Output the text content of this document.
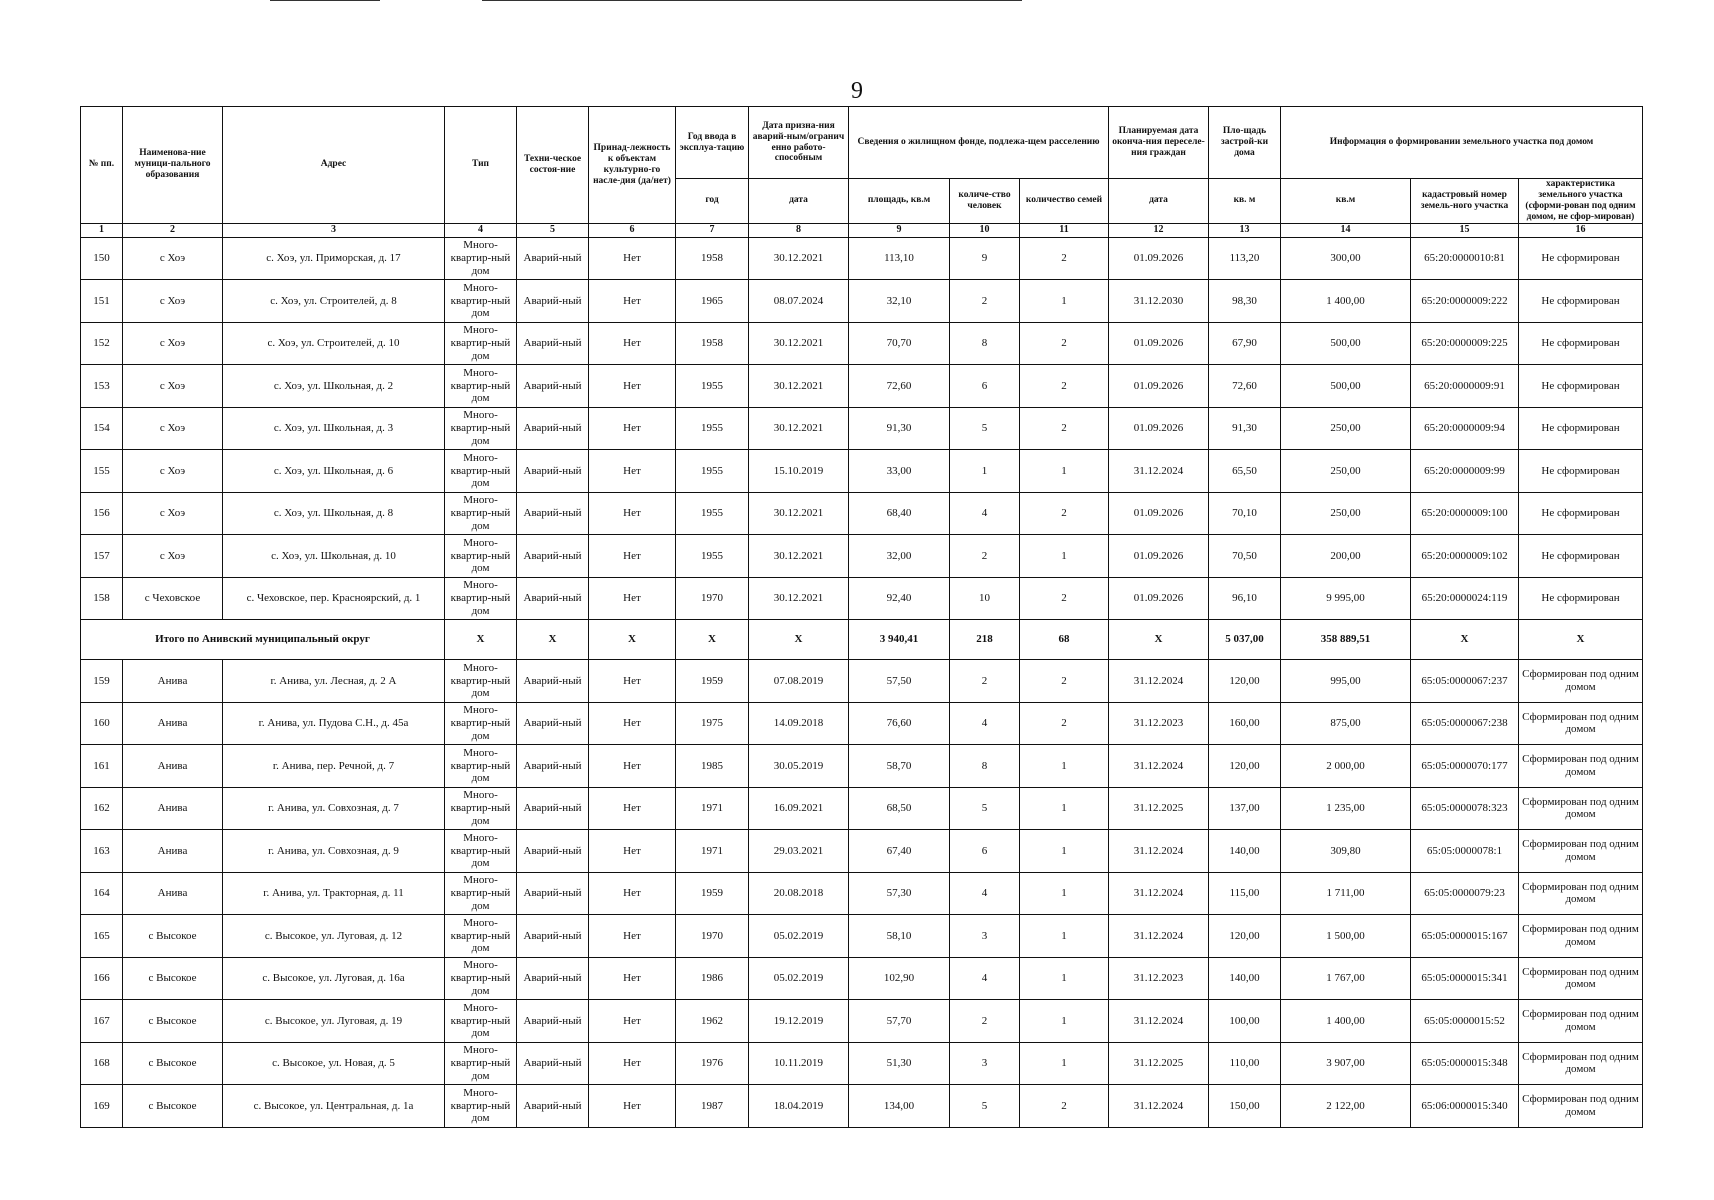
9
№ пп.	Наименова-ние муници-пального образования	Адрес	Тип	Техни-ческое состоя-ние	Принад-лежность к объектам культурно-го насле-дия (да/нет)	Год ввода в эксплуа-тацию	Дата призна-ния аварий-ным/огранич енно работо-способным	Сведения о жилищном фонде, подлежа-щем расселению			Планируемая дата оконча-ния переселе-ния граждан	Пло-щадь застрой-ки дома	Информация о формировании земельного участка под домом		
						год	дата	площадь, кв.м	количе-ство человек	количество семей	дата	кв. м	кв.м	кадастровый номер земель-ного участка	характеристика земельного участка (сформи-рован под одним домом, не сфор-мирован)
1	2	3	4	5	6	7	8	9	10	11	12	13	14	15	16
150	с Хоэ	с. Хоэ, ул. Приморская, д. 17	Много-квартир-ный дом	Аварий-ный	Нет	1958	30.12.2021	113,10	9	2	01.09.2026	113,20	300,00	65:20:0000010:81	Не сформирован
151	с Хоэ	с. Хоэ, ул. Строителей, д. 8	Много-квартир-ный дом	Аварий-ный	Нет	1965	08.07.2024	32,10	2	1	31.12.2030	98,30	1 400,00	65:20:0000009:222	Не сформирован
152	с Хоэ	с. Хоэ, ул. Строителей, д. 10	Много-квартир-ный дом	Аварий-ный	Нет	1958	30.12.2021	70,70	8	2	01.09.2026	67,90	500,00	65:20:0000009:225	Не сформирован
153	с Хоэ	с. Хоэ, ул. Школьная, д. 2	Много-квартир-ный дом	Аварий-ный	Нет	1955	30.12.2021	72,60	6	2	01.09.2026	72,60	500,00	65:20:0000009:91	Не сформирован
154	с Хоэ	с. Хоэ, ул. Школьная, д. 3	Много-квартир-ный дом	Аварий-ный	Нет	1955	30.12.2021	91,30	5	2	01.09.2026	91,30	250,00	65:20:0000009:94	Не сформирован
155	с Хоэ	с. Хоэ, ул. Школьная, д. 6	Много-квартир-ный дом	Аварий-ный	Нет	1955	15.10.2019	33,00	1	1	31.12.2024	65,50	250,00	65:20:0000009:99	Не сформирован
156	с Хоэ	с. Хоэ, ул. Школьная, д. 8	Много-квартир-ный дом	Аварий-ный	Нет	1955	30.12.2021	68,40	4	2	01.09.2026	70,10	250,00	65:20:0000009:100	Не сформирован
157	с Хоэ	с. Хоэ, ул. Школьная, д. 10	Много-квартир-ный дом	Аварий-ный	Нет	1955	30.12.2021	32,00	2	1	01.09.2026	70,50	200,00	65:20:0000009:102	Не сформирован
158	с Чеховское	с. Чеховское, пер. Красноярский, д. 1	Много-квартир-ный дом	Аварий-ный	Нет	1970	30.12.2021	92,40	10	2	01.09.2026	96,10	9 995,00	65:20:0000024:119	Не сформирован
Итого по Анивский муниципальный округ			X	X	X	X	X	3 940,41	218	68	X	5 037,00	358 889,51	X	X
159	Анива	г. Анива, ул. Лесная, д. 2 А	Много-квартир-ный дом	Аварий-ный	Нет	1959	07.08.2019	57,50	2	2	31.12.2024	120,00	995,00	65:05:0000067:237	Сформирован под одним домом
160	Анива	г. Анива, ул. Пудова С.Н., д. 45а	Много-квартир-ный дом	Аварий-ный	Нет	1975	14.09.2018	76,60	4	2	31.12.2023	160,00	875,00	65:05:0000067:238	Сформирован под одним домом
161	Анива	г. Анива, пер. Речной, д. 7	Много-квартир-ный дом	Аварий-ный	Нет	1985	30.05.2019	58,70	8	1	31.12.2024	120,00	2 000,00	65:05:0000070:177	Сформирован под одним домом
162	Анива	г. Анива, ул. Совхозная, д. 7	Много-квартир-ный дом	Аварий-ный	Нет	1971	16.09.2021	68,50	5	1	31.12.2025	137,00	1 235,00	65:05:0000078:323	Сформирован под одним домом
163	Анива	г. Анива, ул. Совхозная, д. 9	Много-квартир-ный дом	Аварий-ный	Нет	1971	29.03.2021	67,40	6	1	31.12.2024	140,00	309,80	65:05:0000078:1	Сформирован под одним домом
164	Анива	г. Анива, ул. Тракторная, д. 11	Много-квартир-ный дом	Аварий-ный	Нет	1959	20.08.2018	57,30	4	1	31.12.2024	115,00	1 711,00	65:05:0000079:23	Сформирован под одним домом
165	с Высокое	с. Высокое, ул. Луговая, д. 12	Много-квартир-ный дом	Аварий-ный	Нет	1970	05.02.2019	58,10	3	1	31.12.2024	120,00	1 500,00	65:05:0000015:167	Сформирован под одним домом
166	с Высокое	с. Высокое, ул. Луговая, д. 16а	Много-квартир-ный дом	Аварий-ный	Нет	1986	05.02.2019	102,90	4	1	31.12.2023	140,00	1 767,00	65:05:0000015:341	Сформирован под одним домом
167	с Высокое	с. Высокое, ул. Луговая, д. 19	Много-квартир-ный дом	Аварий-ный	Нет	1962	19.12.2019	57,70	2	1	31.12.2024	100,00	1 400,00	65:05:0000015:52	Сформирован под одним домом
168	с Высокое	с. Высокое, ул. Новая, д. 5	Много-квартир-ный дом	Аварий-ный	Нет	1976	10.11.2019	51,30	3	1	31.12.2025	110,00	3 907,00	65:05:0000015:348	Сформирован под одним домом
169	с Высокое	с. Высокое, ул. Центральная, д. 1а	Много-квартир-ный дом	Аварий-ный	Нет	1987	18.04.2019	134,00	5	2	31.12.2024	150,00	2 122,00	65:06:0000015:340	Сформирован под одним домом
